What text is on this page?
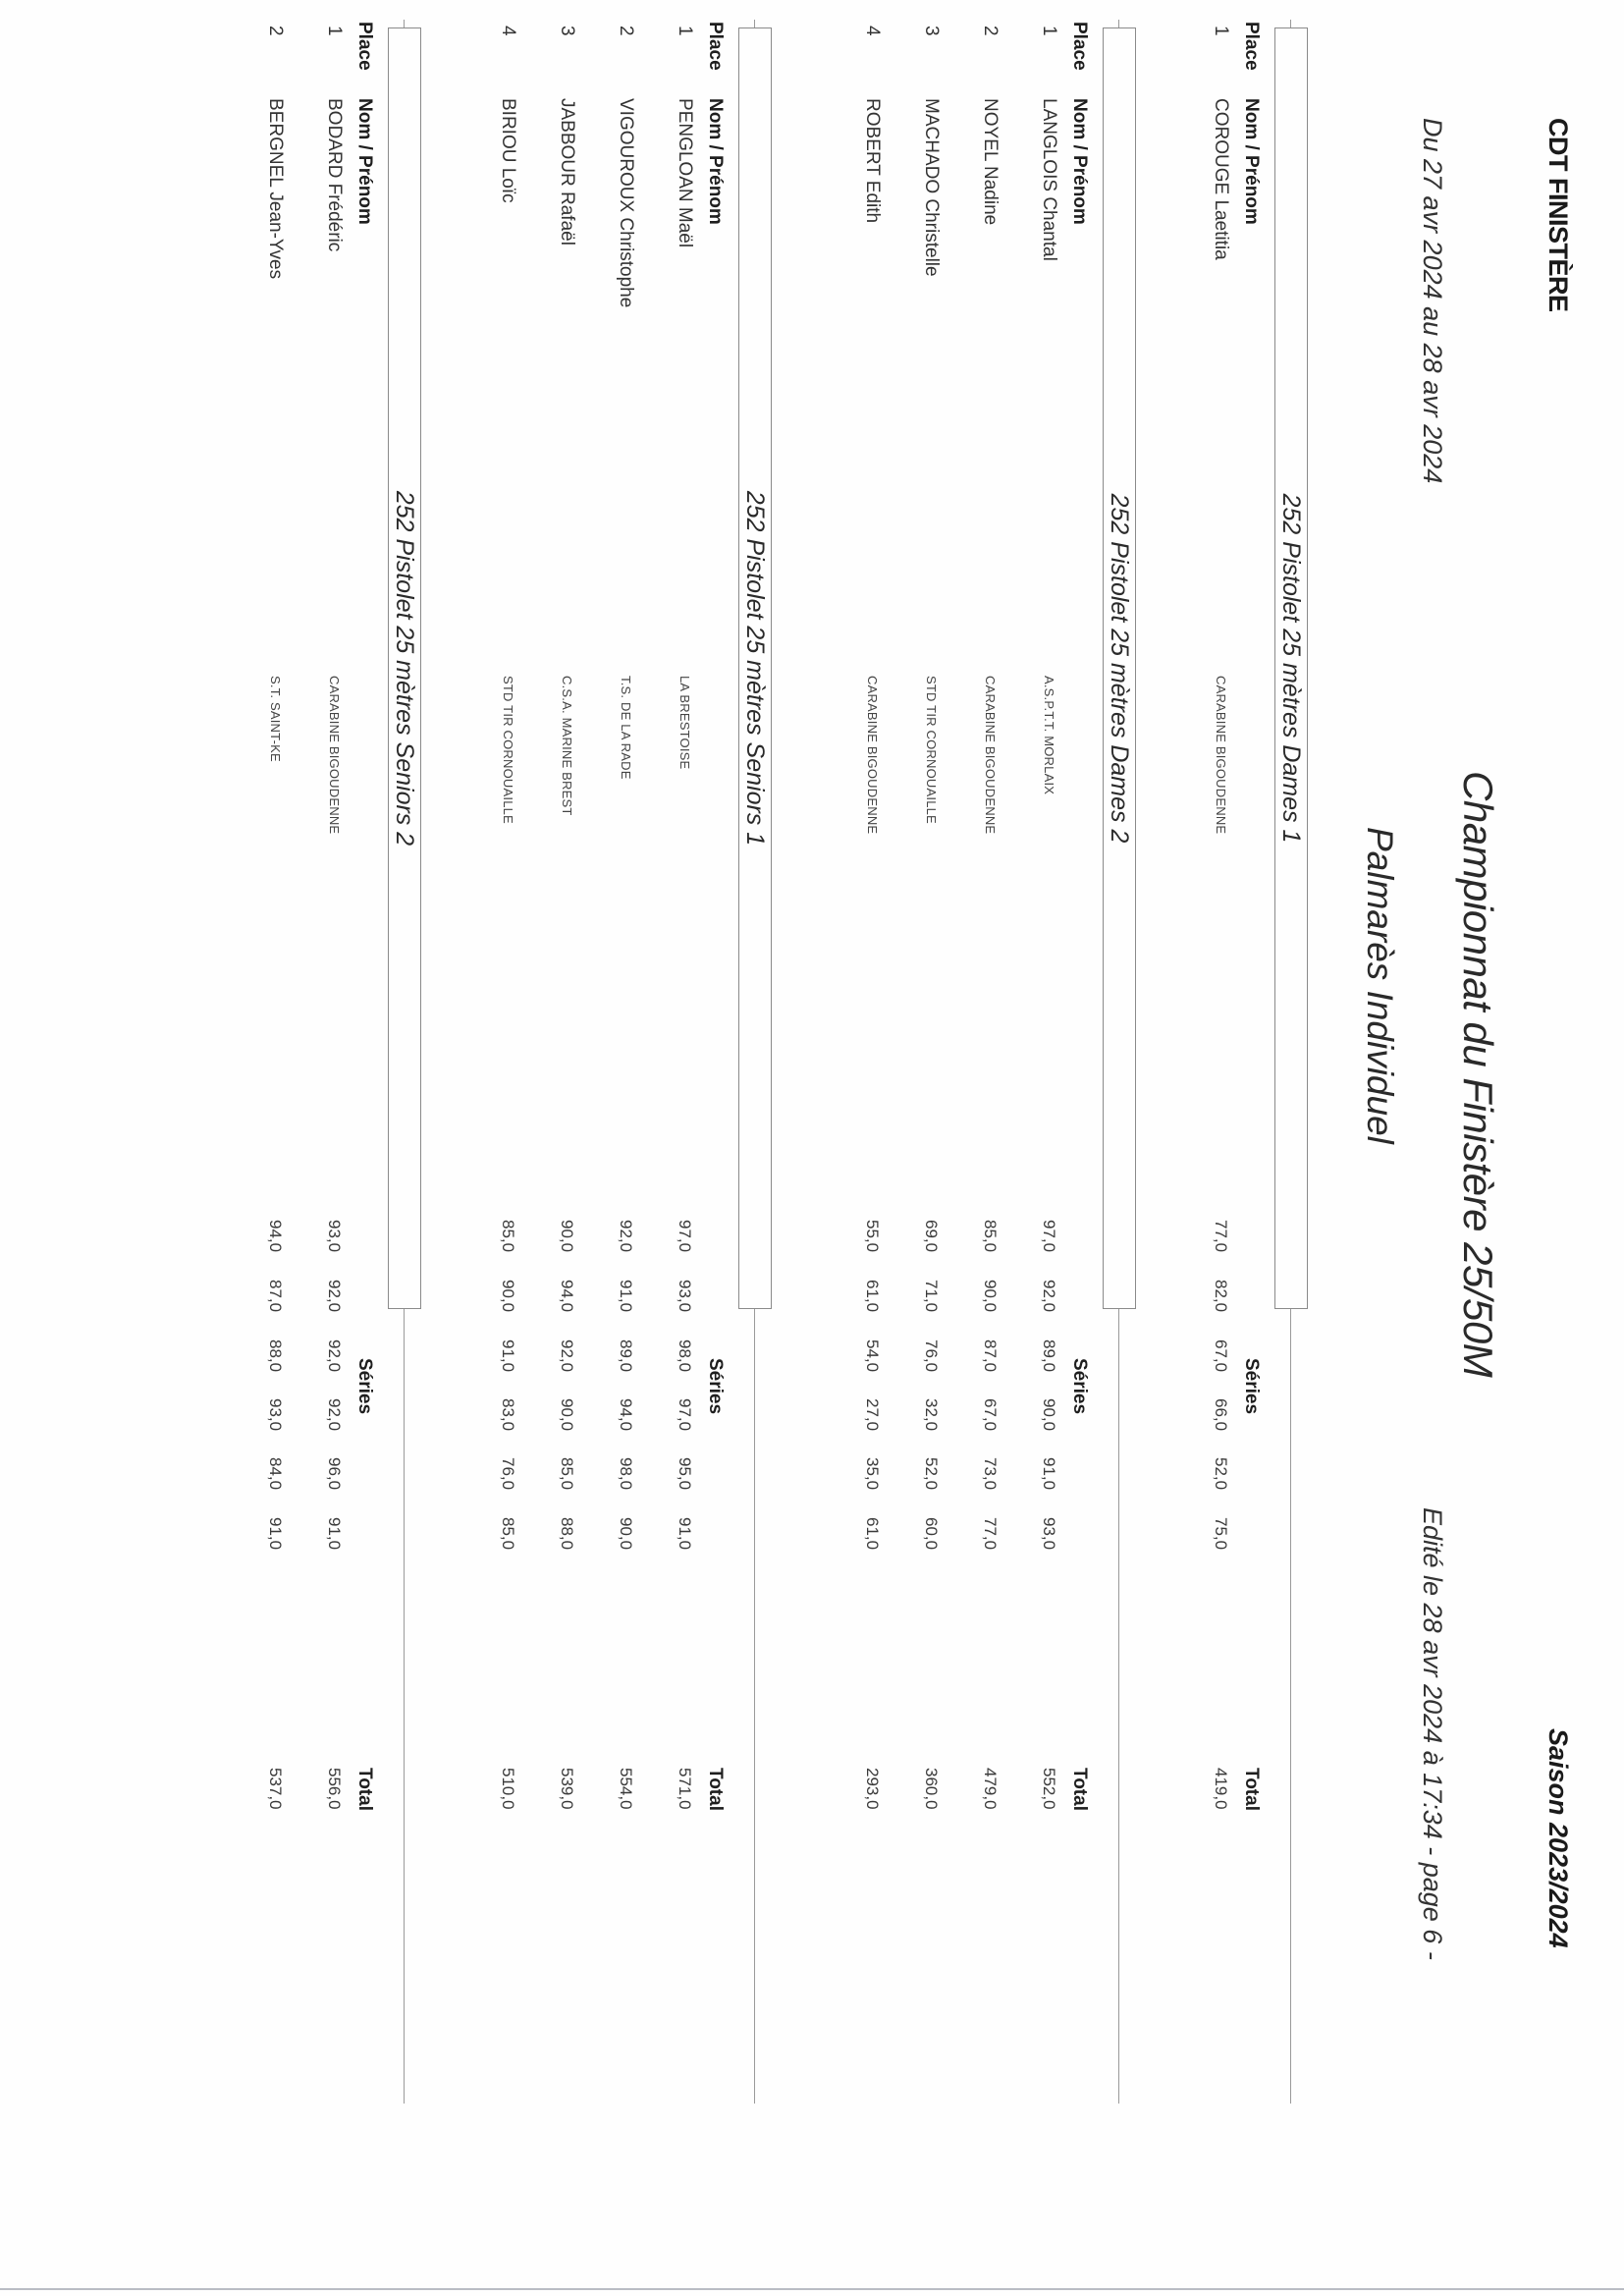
CDT FINISTÈRE
Du 27 avr 2024 au 28 avr 2024
Championnat du Finistère 25/50M
Palmarès Individuel
Saison 2023/2024
Edité le 28 avr 2024 à 17:34 - page 6 -
252 Pistolet 25 mètres Dames 1
Place
Nom / Prénom
Séries
Total
1
COROUGE Laetitia
CARABINE BIGOUDENNE
77,0
82,0
67,0
66,0
52,0
75,0
419,0
252 Pistolet 25 mètres Dames 2
Place
Nom / Prénom
Séries
Total
1
LANGLOIS Chantal
A.S.P.T.T. MORLAIX
97,0
92,0
89,0
90,0
91,0
93,0
552,0
2
NOYEL Nadine
CARABINE BIGOUDENNE
85,0
90,0
87,0
67,0
73,0
77,0
479,0
3
MACHADO Christelle
STD TIR CORNOUAILLE
69,0
71,0
76,0
32,0
52,0
60,0
360,0
4
ROBERT Edith
CARABINE BIGOUDENNE
55,0
61,0
54,0
27,0
35,0
61,0
293,0
252 Pistolet 25 mètres Seniors 1
Place
Nom / Prénom
Séries
Total
1
PENGLOAN Maël
LA BRESTOISE
97,0
93,0
98,0
97,0
95,0
91,0
571,0
2
VIGOUROUX Christophe
T.S. DE LA RADE
92,0
91,0
89,0
94,0
98,0
90,0
554,0
3
JABBOUR Rafaël
C.S.A. MARINE BREST
90,0
94,0
92,0
90,0
85,0
88,0
539,0
4
BIRIOU Loïc
STD TIR CORNOUAILLE
85,0
90,0
91,0
83,0
76,0
85,0
510,0
252 Pistolet 25 mètres Seniors 2
Place
Nom / Prénom
Séries
Total
1
BODARD Frédéric
CARABINE BIGOUDENNE
93,0
92,0
92,0
92,0
96,0
91,0
556,0
2
BERGNEL Jean-Yves
S.T. SAINT-KE
94,0
87,0
88,0
93,0
84,0
91,0
537,0
